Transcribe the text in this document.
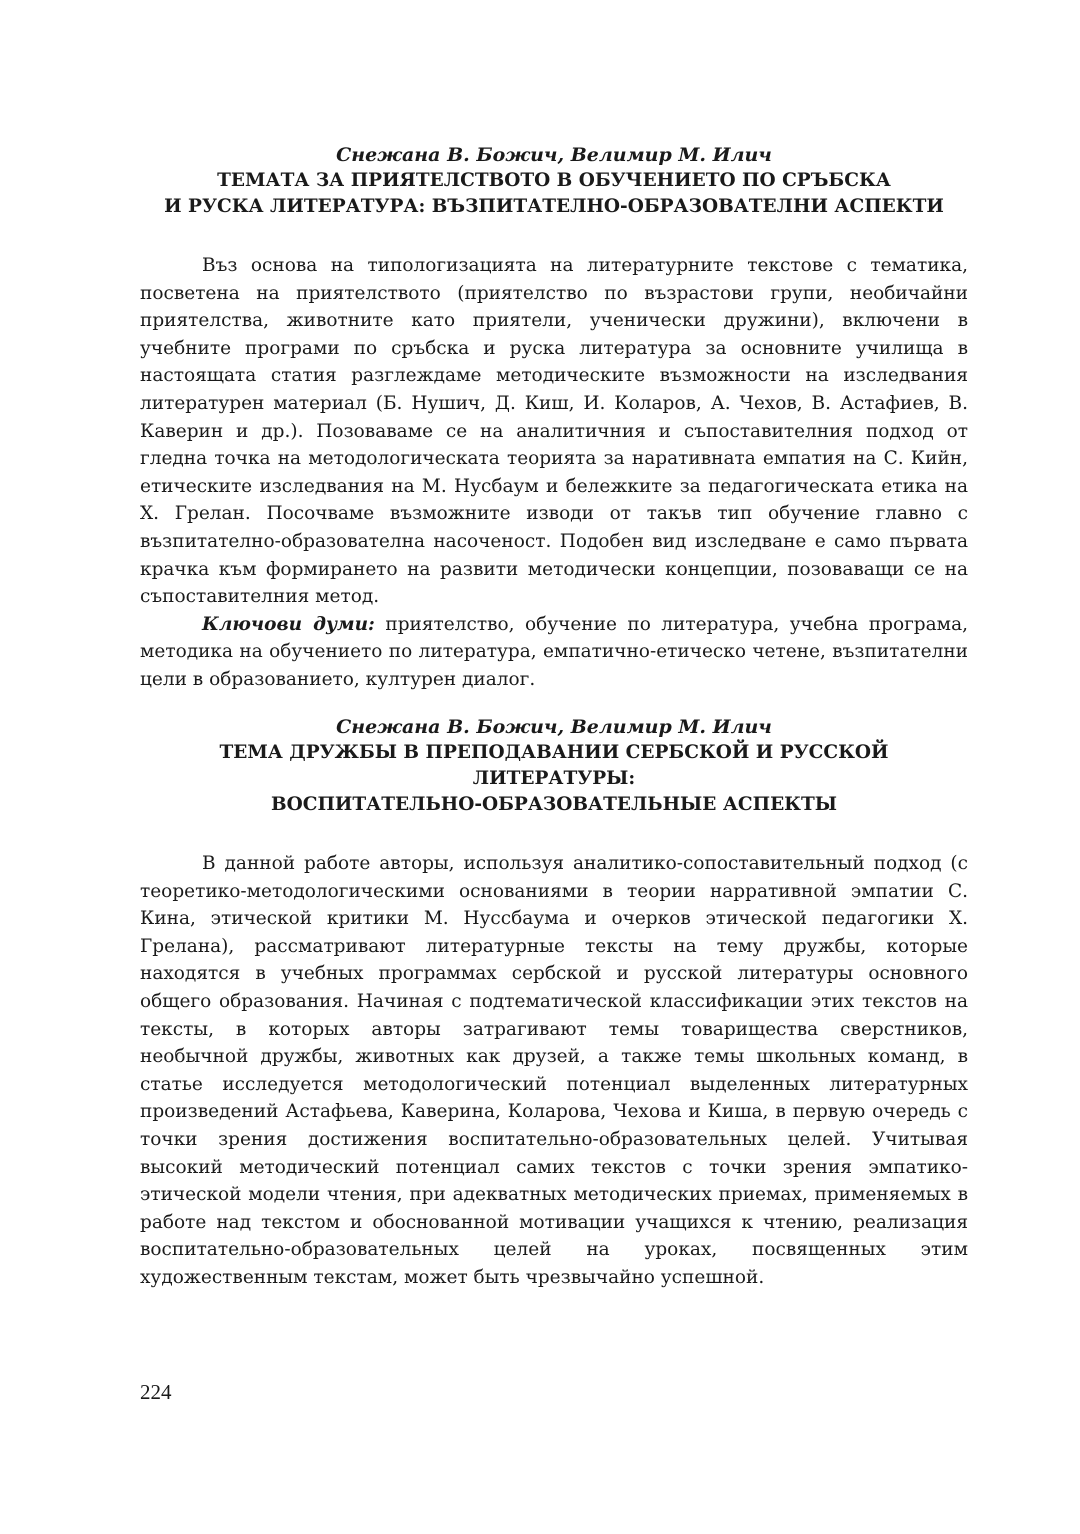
Снежана В. Божич, Велимир М. Илич

ТЕМАТА ЗА ПРИЯТЕЛСТВОТО В ОБУЧЕНИЕТО ПО СРЪБСКА
И РУСКА ЛИТЕРАТУРА: ВЪЗПИТАТЕЛНО-ОБРАЗОВАТЕЛНИ АСПЕКТИ

Въз основа на типологизацията на литературните текстове с тематика, посветена на приятелството (приятелство по възрастови групи, необичайни приятелства, животните като приятели, ученически дружини), включени в учебните програми по сръбска и руска литература за основните училища в настоящата статия разглеждаме методическите възможности на изследвания литературен материал (Б. Нушич, Д. Киш, И. Коларов, А. Чехов, В. Астафиев, В. Каверин и др.). Позоваваме се на аналитичния и съпоставителния подход от гледна точка на методологическата теорията за наративната емпатия на С. Кийн, етическите изследвания на М. Нусбаум и бележките за педагогическата етика на Х. Грелан. Посочваме възможните изводи от такъв тип обучение главно с възпитателно-образователна насоченост. Подобен вид изследване е само първата крачка към формирането на развити методически концепции, позоваващи се на съпоставителния метод.

Ключови думи: приятелство, обучение по литература, учебна програма, методика на обучението по литература, емпатично-етическо четене, възпитателни цели в образованието, културен диалог.

Снежана В. Божич, Велимир М. Илич

ТЕМА ДРУЖБЫ В ПРЕПОДАВАНИИ СЕРБСКОЙ И РУССКОЙ ЛИТЕРАТУРЫ:
ВОСПИТАТЕЛЬНО-ОБРАЗОВАТЕЛЬНЫЕ АСПЕКТЫ

В данной работе авторы, используя аналитико-сопоставительный подход (с теоретико-методологическими основаниями в теории нарративной эмпатии С. Кина, этической критики М. Нуссбаума и очерков этической педагогики Х. Грелана), рассматривают литературные тексты на тему дружбы, которые находятся в учебных программах сербской и русской литературы основного общего образования. Начиная с подтематической классификации этих текстов на тексты, в которых авторы затрагивают темы товарищества сверстников, необычной дружбы, животных как друзей, а также темы школьных команд, в статье исследуется методологический потенциал выделенных литературных произведений Астафьева, Каверина, Коларова, Чехова и Киша, в первую очередь с точки зрения достижения воспитательно-образовательных целей. Учитывая высокий методический потенциал самих текстов с точки зрения эмпатико-этической модели чтения, при адекватных методических приемах, применяемых в работе над текстом и обоснованной мотивации учащихся к чтению, реализация воспитательно-образовательных целей на уроках, посвященных этим художественным текстам, может быть чрезвычайно успешной.

224
